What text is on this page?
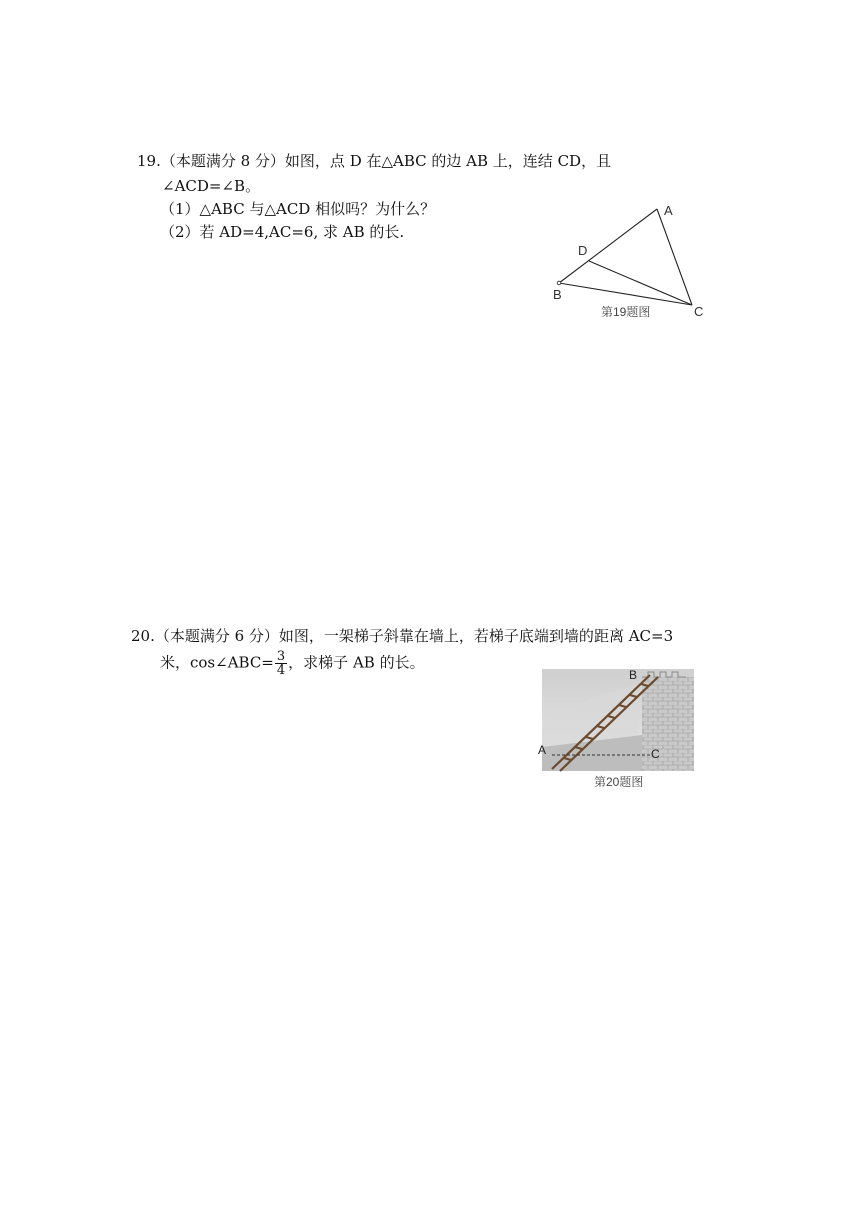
19.（本题满分 8 分）如图，点 D 在△ABC 的边 AB 上，连结 CD，且
∠ACD=∠B。
（1）△ABC 与△ACD 相似吗？为什么？
（2）若 AD=4,AC=6, 求 AB 的长.
A
D
B
C
第19题图
20.（本题满分 6 分）如图，一架梯子斜靠在墙上，若梯子底端到墙的距离 AC=3
米，cos∠ABC= $\frac{3}{4}$ ，求梯子 AB 的长。
A
B
C
第20题图
